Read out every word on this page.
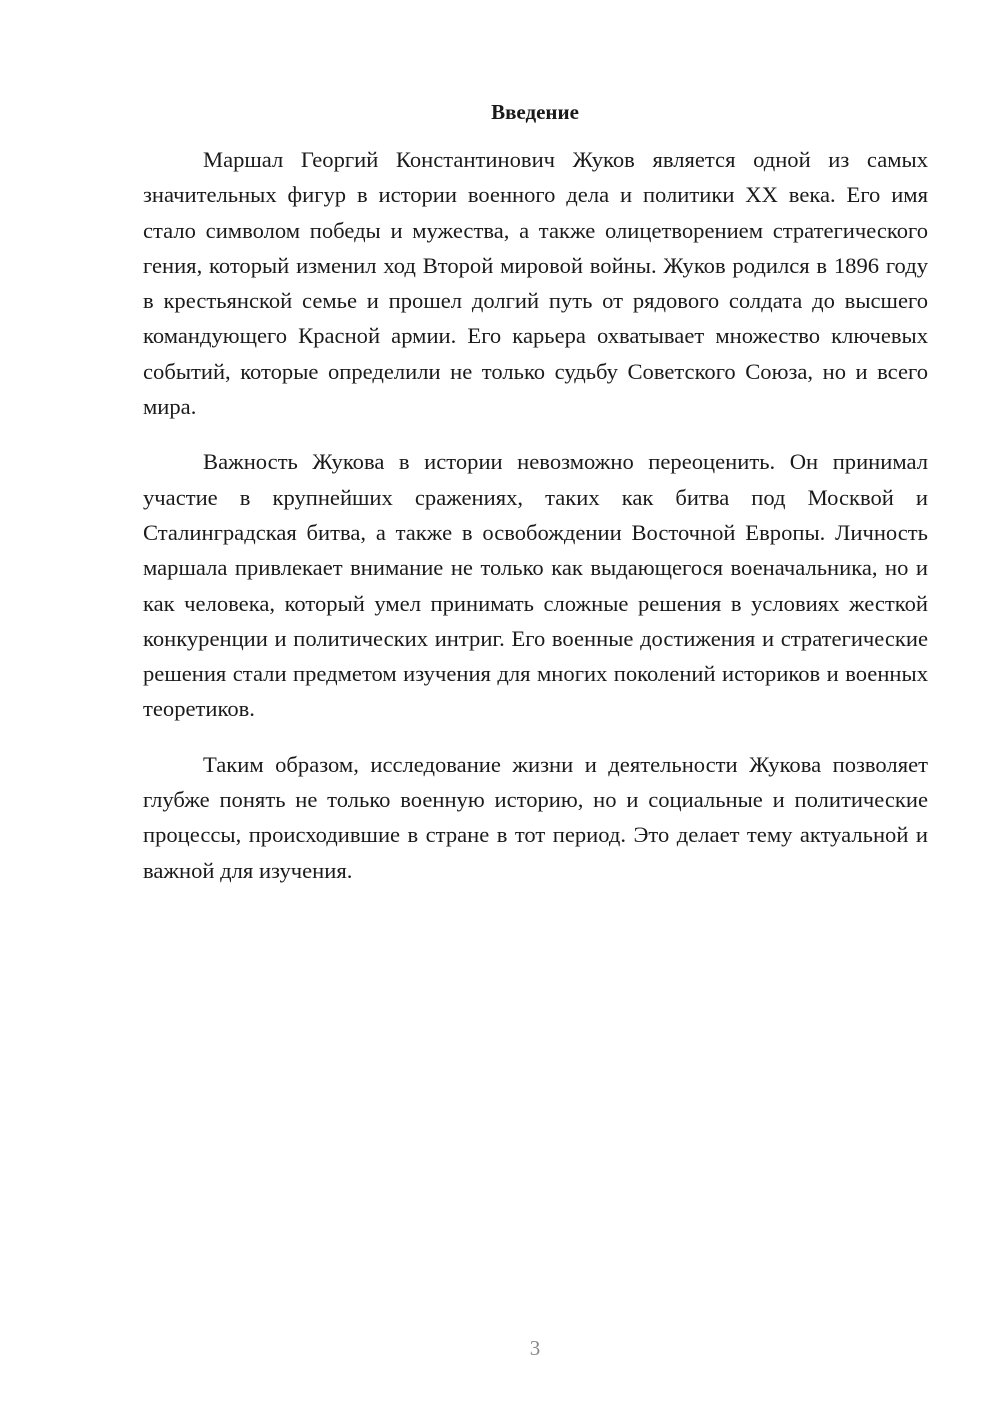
Введение

Маршал Георгий Константинович Жуков является одной из самых значительных фигур в истории военного дела и политики XX века. Его имя стало символом победы и мужества, а также олицетворением стратегического гения, который изменил ход Второй мировой войны. Жуков родился в 1896 году в крестьянской семье и прошел долгий путь от рядового солдата до высшего командующего Красной армии. Его карьера охватывает множество ключевых событий, которые определили не только судьбу Советского Союза, но и всего мира.

Важность Жукова в истории невозможно переоценить. Он принимал участие в крупнейших сражениях, таких как битва под Москвой и Сталинградская битва, а также в освобождении Восточной Европы. Личность маршала привлекает внимание не только как выдающегося военачальника, но и как человека, который умел принимать сложные решения в условиях жесткой конкуренции и политических интриг. Его военные достижения и стратегические решения стали предметом изучения для многих поколений историков и военных теоретиков.

Таким образом, исследование жизни и деятельности Жукова позволяет глубже понять не только военную историю, но и социальные и политические процессы, происходившие в стране в тот период. Это делает тему актуальной и важной для изучения.

3
